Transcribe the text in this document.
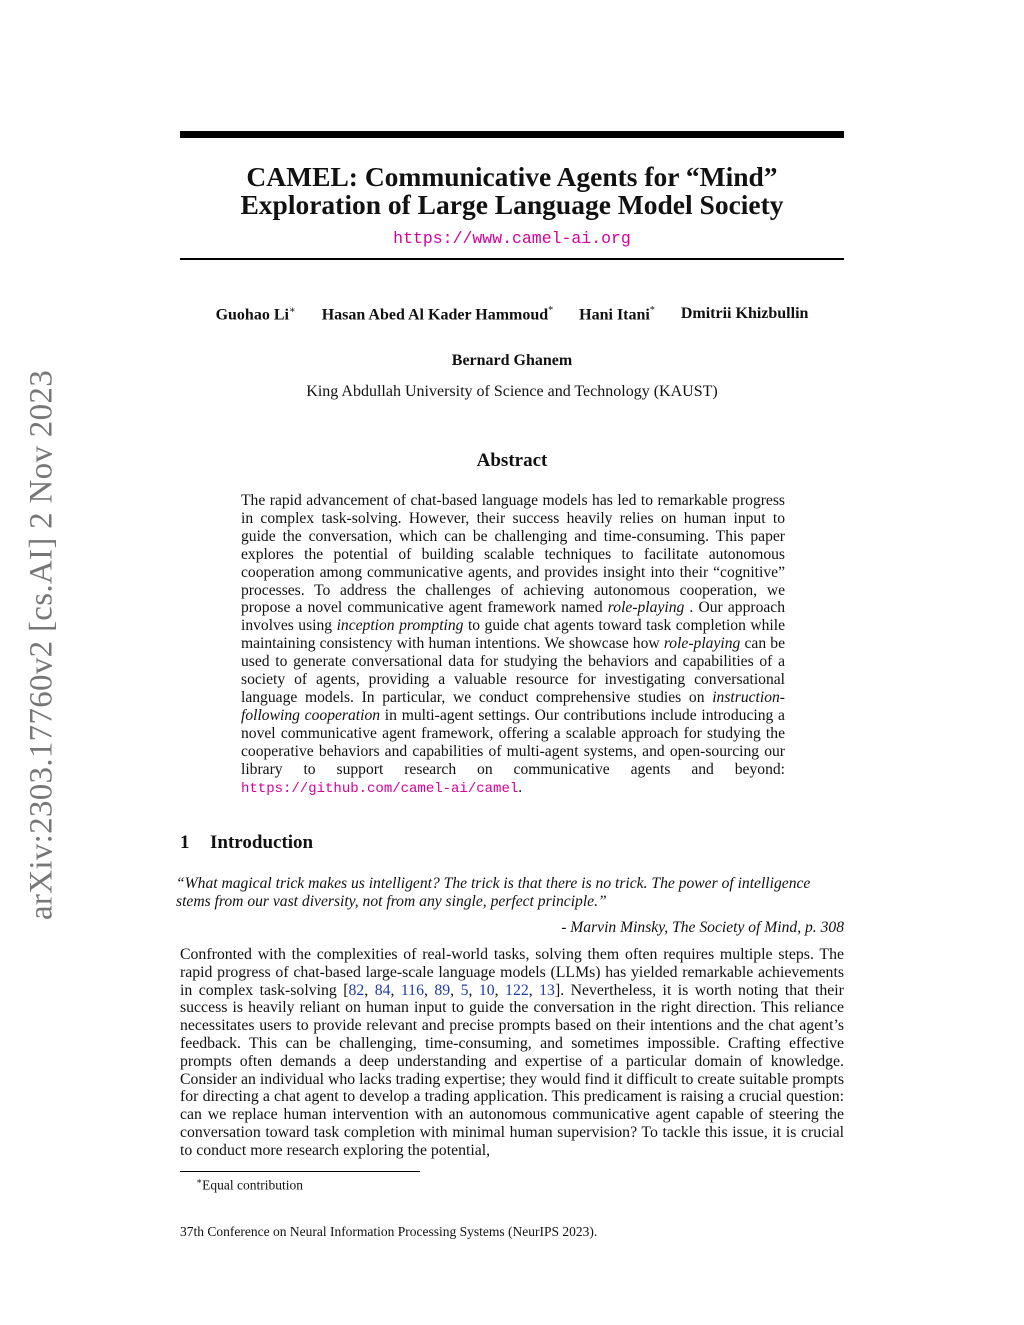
arXiv:2303.17760v2 [cs.AI] 2 Nov 2023
CAMEL: Communicative Agents for “Mind”
Exploration of Large Language Model Society
https://www.camel-ai.org
Guohao Li∗ Hasan Abed Al Kader Hammoud* Hani Itani* Dmitrii Khizbullin
Bernard Ghanem
King Abdullah University of Science and Technology (KAUST)
Abstract
The rapid advancement of chat-based language models has led to remarkable progress in complex task-solving. However, their success heavily relies on human input to guide the conversation, which can be challenging and time-consuming. This paper explores the potential of building scalable techniques to facilitate autonomous cooperation among communicative agents, and provides insight into their “cognitive” processes. To address the challenges of achieving autonomous cooperation, we propose a novel communicative agent framework named role-playing . Our approach involves using inception prompting to guide chat agents toward task completion while maintaining consistency with human intentions. We showcase how role-playing can be used to generate conversational data for studying the behaviors and capabilities of a society of agents, providing a valuable resource for investigating conversational language models. In particular, we conduct comprehensive studies on instruction-following cooperation in multi-agent settings. Our contributions include introducing a novel communicative agent framework, offering a scalable approach for studying the cooperative behaviors and capabilities of multi-agent systems, and open-sourcing our library to support research on communicative agents and beyond: https://github.com/camel-ai/camel.
1 Introduction
“What magical trick makes us intelligent? The trick is that there is no trick. The power of intelligence stems from our vast diversity, not from any single, perfect principle.”
- Marvin Minsky, The Society of Mind, p. 308
Confronted with the complexities of real-world tasks, solving them often requires multiple steps. The rapid progress of chat-based large-scale language models (LLMs) has yielded remarkable achievements in complex task-solving [82, 84, 116, 89, 5, 10, 122, 13]. Nevertheless, it is worth noting that their success is heavily reliant on human input to guide the conversation in the right direction. This reliance necessitates users to provide relevant and precise prompts based on their intentions and the chat agent’s feedback. This can be challenging, time-consuming, and sometimes impossible. Crafting effective prompts often demands a deep understanding and expertise of a particular domain of knowledge. Consider an individual who lacks trading expertise; they would find it difficult to create suitable prompts for directing a chat agent to develop a trading application. This predicament is raising a crucial question: can we replace human intervention with an autonomous communicative agent capable of steering the conversation toward task completion with minimal human supervision? To tackle this issue, it is crucial to conduct more research exploring the potential,
∗Equal contribution
37th Conference on Neural Information Processing Systems (NeurIPS 2023).
